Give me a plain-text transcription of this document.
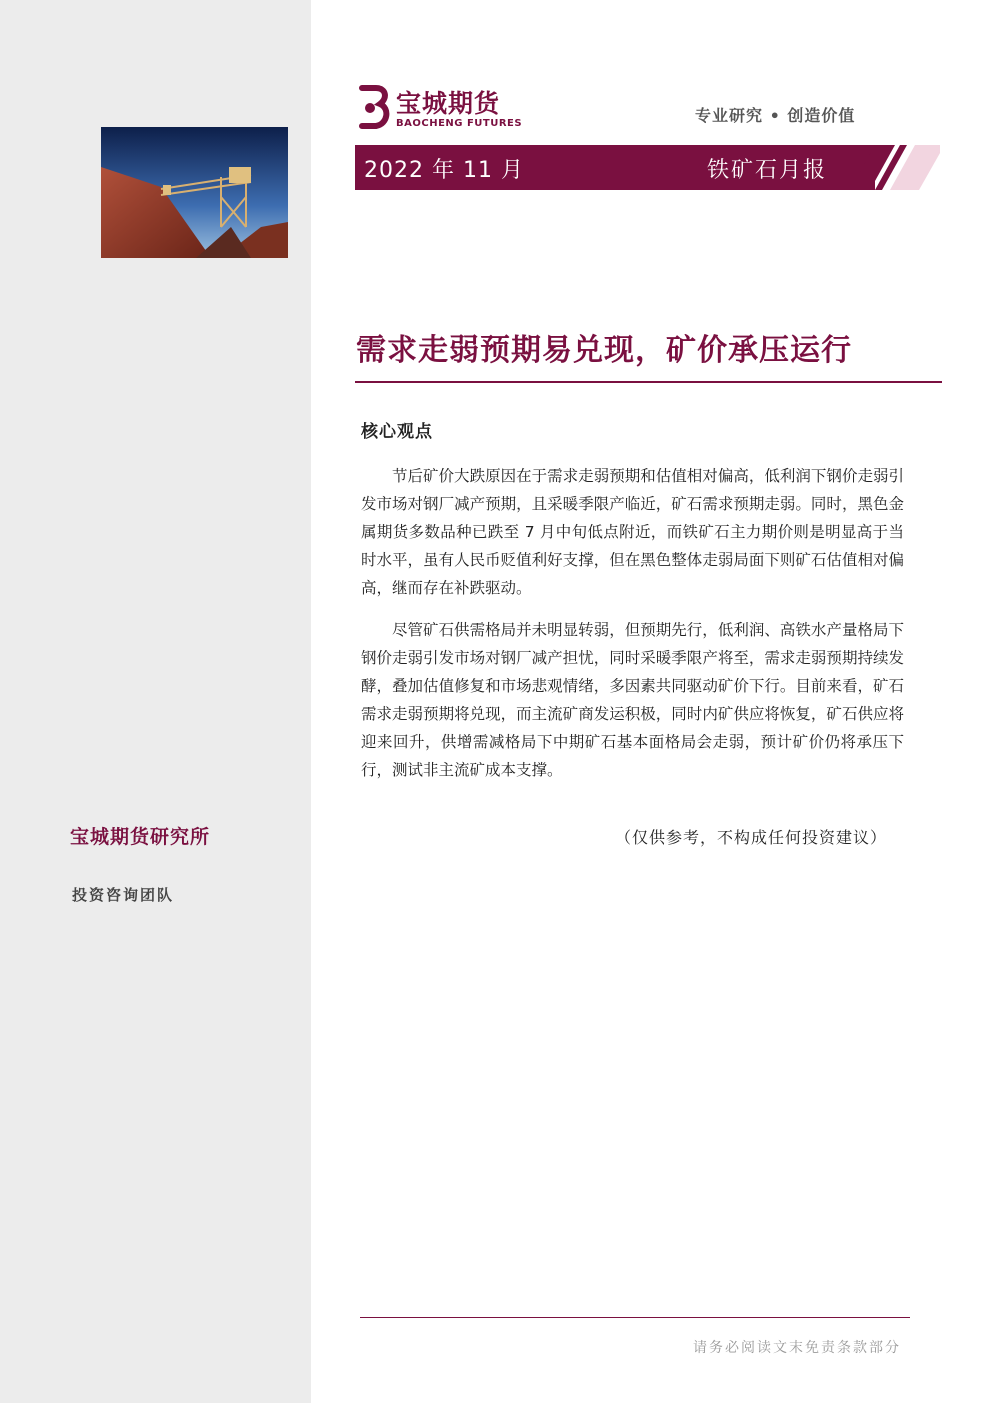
宝城期货研究所
投资咨询团队
宝城期货
BAOCHENG FUTURES	专业研究 • 创造价值
2022 年 11 月	铁矿石月报
需求走弱预期易兑现，矿价承压运行
核心观点

节后矿价大跌原因在于需求走弱预期和估值相对偏高，低利润下钢价走弱引发市场对钢厂减产预期，且采暖季限产临近，矿石需求预期走弱。同时，黑色金属期货多数品种已跌至 7 月中旬低点附近，而铁矿石主力期价则是明显高于当时水平，虽有人民币贬值利好支撑，但在黑色整体走弱局面下则矿石估值相对偏高，继而存在补跌驱动。

尽管矿石供需格局并未明显转弱，但预期先行，低利润、高铁水产量格局下钢价走弱引发市场对钢厂减产担忧，同时采暖季限产将至，需求走弱预期持续发酵，叠加估值修复和市场悲观情绪，多因素共同驱动矿价下行。目前来看，矿石需求走弱预期将兑现，而主流矿商发运积极，同时内矿供应将恢复，矿石供应将迎来回升，供增需减格局下中期矿石基本面格局会走弱，预计矿价仍将承压下行，测试非主流矿成本支撑。

（仅供参考，不构成任何投资建议）
请务必阅读文末免责条款部分
